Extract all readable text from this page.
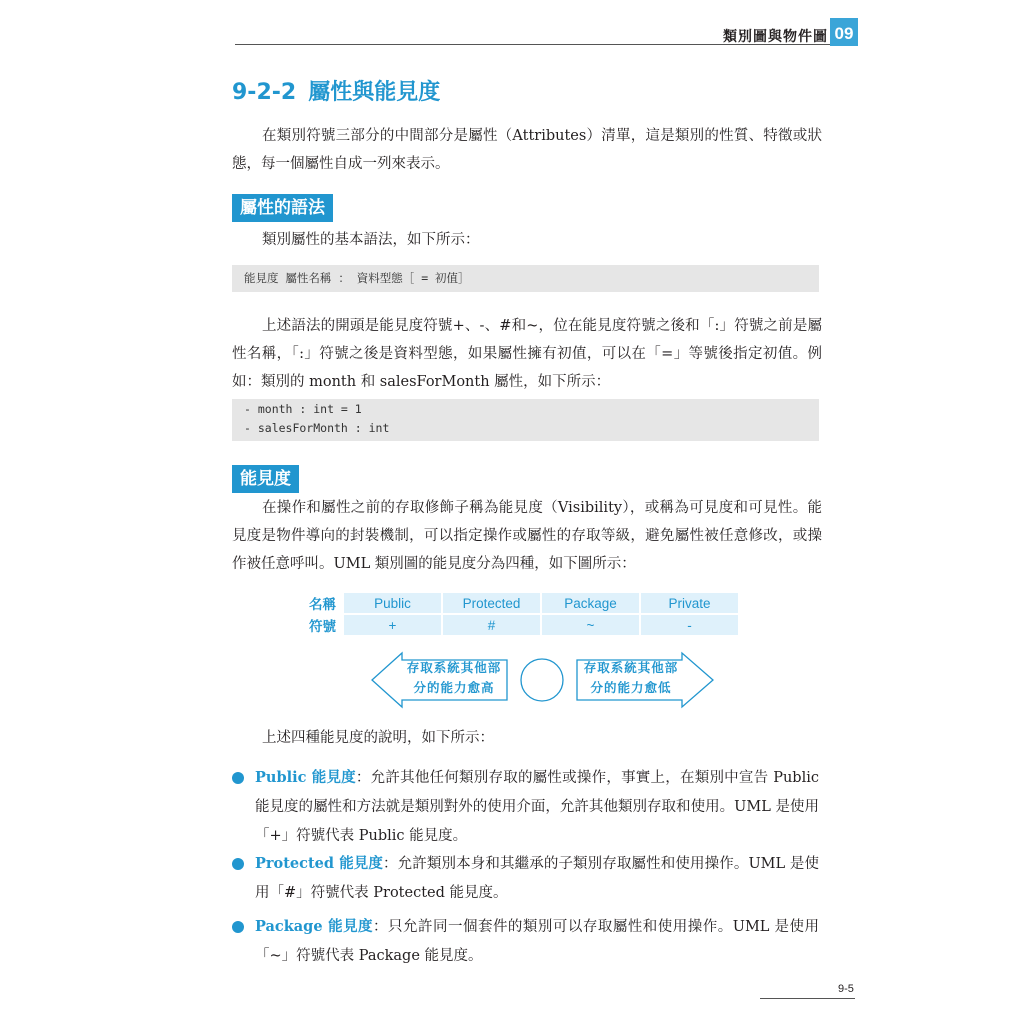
類別圖與物件圖 09
9-2-2 屬性與能見度
在類別符號三部分的中間部分是屬性（Attributes）清單，這是類別的性質、特徵或狀態，每一個屬性自成一列來表示。
屬性的語法
類別屬性的基本語法，如下所示：
能見度 屬性名稱 ： 資料型態［ = 初值］
上述語法的開頭是能見度符號+、-、#和~，位在能見度符號之後和「:」符號之前是屬性名稱，「:」符號之後是資料型態，如果屬性擁有初值，可以在「=」等號後指定初值。例如：類別的 month 和 salesForMonth 屬性，如下所示：
- month : int = 1
- salesForMonth : int
能見度
在操作和屬性之前的存取修飾子稱為能見度（Visibility），或稱為可見度和可見性。能見度是物件導向的封裝機制，可以指定操作或屬性的存取等級，避免屬性被任意修改，或操作被任意呼叫。UML 類別圖的能見度分為四種，如下圖所示：
名稱	Public	Protected	Package	Private
符號	+	#	~	-
存取系統其他部
分的能力愈高
存取系統其他部
分的能力愈低
上述四種能見度的說明，如下所示：
Public 能見度：允許其他任何類別存取的屬性或操作，事實上，在類別中宣告 Public 能見度的屬性和方法就是類別對外的使用介面，允許其他類別存取和使用。UML 是使用「+」符號代表 Public 能見度。
Protected 能見度：允許類別本身和其繼承的子類別存取屬性和使用操作。UML 是使用「#」符號代表 Protected 能見度。
Package 能見度：只允許同一個套件的類別可以存取屬性和使用操作。UML 是使用「~」符號代表 Package 能見度。
9-5
